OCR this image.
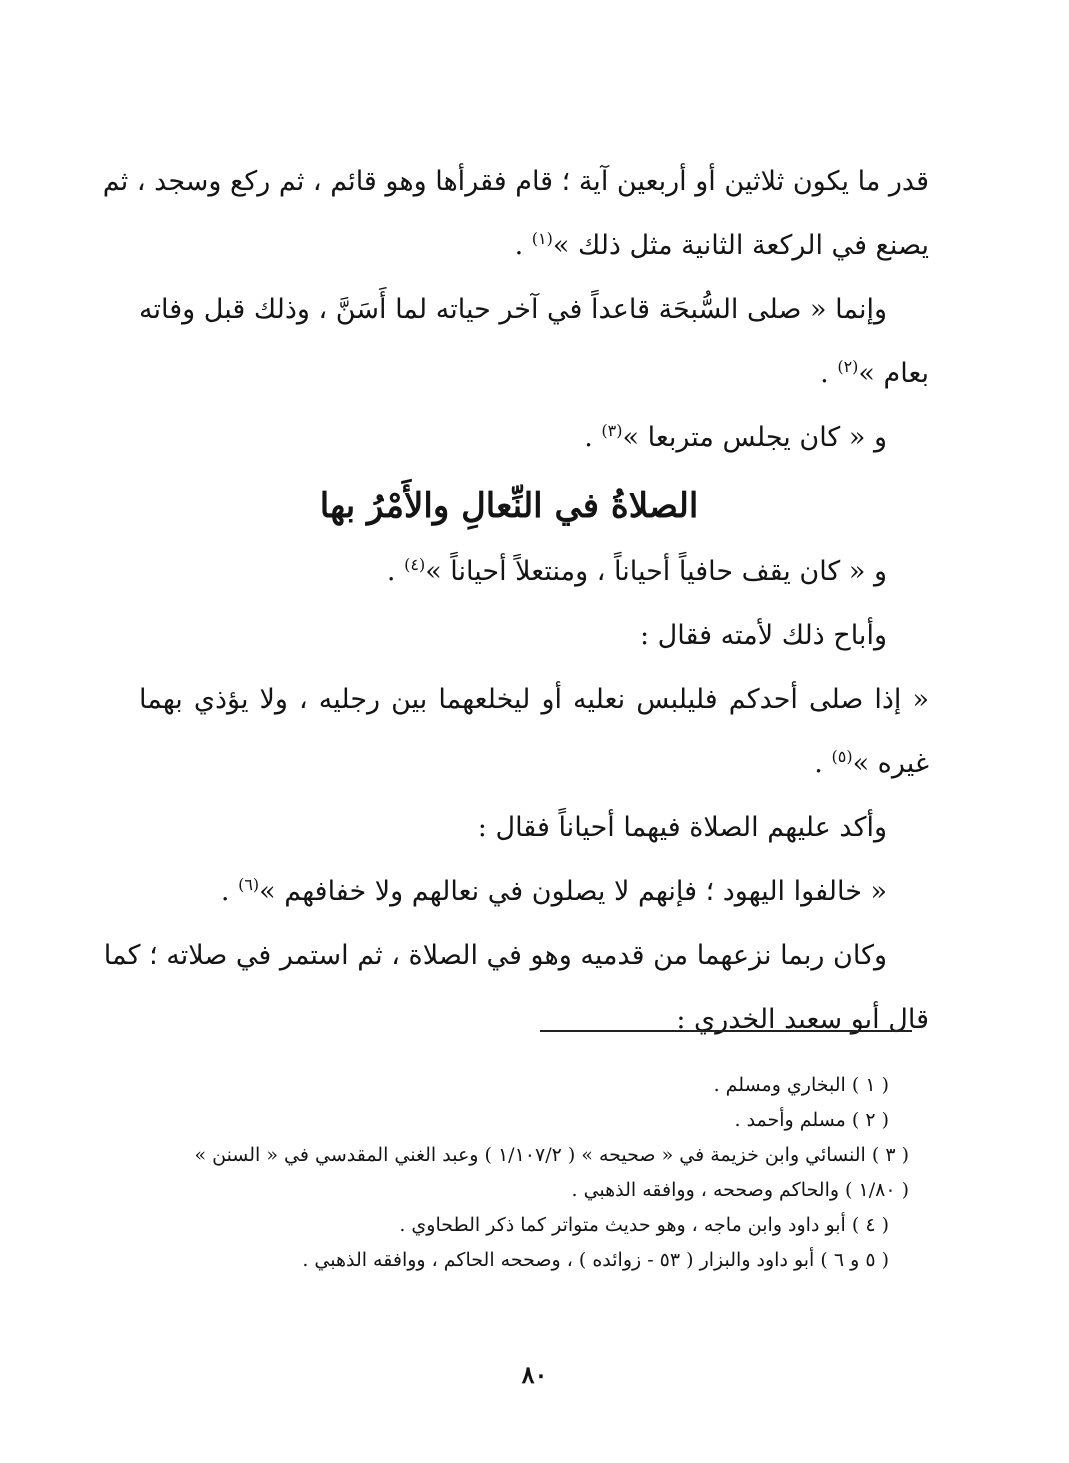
قدر ما يكون ثلاثين أو أربعين آية ؛ قام فقرأها وهو قائم ، ثم ركع وسجد ، ثم
يصنع في الركعة الثانية مثل ذلك »$^{(١)}$ .
وإنما « صلى السُّبحَة قاعداً في آخر حياته لما أَسَنَّ ، وذلك قبل وفاته
بعام »$^{(٢)}$ .
و « كان يجلس متربعا »$^{(٣)}$ .
الصلاةُ في النِّعالِ والأَمْرُ بها
و « كان يقف حافياً أحياناً ، ومنتعلاً أحياناً »$^{(٤)}$ .
وأباح ذلك لأمته فقال :
« إذا صلى أحدكم فليلبس نعليه أو ليخلعهما بين رجليه ، ولا يؤذي بهما
غيره »$^{(٥)}$ .
وأكد عليهم الصلاة فيهما أحياناً فقال :
« خالفوا اليهود ؛ فإنهم لا يصلون في نعالهم ولا خفافهم »$^{(٦)}$ .
وكان ربما نزعهما من قدميه وهو في الصلاة ، ثم استمر في صلاته ؛ كما
قال أبو سعيد الخدري :
( ١ ) البخاري ومسلم .
( ٢ ) مسلم وأحمد .
( ٣ ) النسائي وابن خزيمة في « صحيحه » ( ١/١٠٧/٢ ) وعبد الغني المقدسي في « السنن »
( ١/٨٠ ) والحاكم وصححه ، ووافقه الذهبي .
( ٤ ) أبو داود وابن ماجه ، وهو حديث متواتر كما ذكر الطحاوي .
( ٥ و ٦ ) أبو داود والبزار ( ٥٣ - زوائده ) ، وصححه الحاكم ، ووافقه الذهبي .
٨٠
